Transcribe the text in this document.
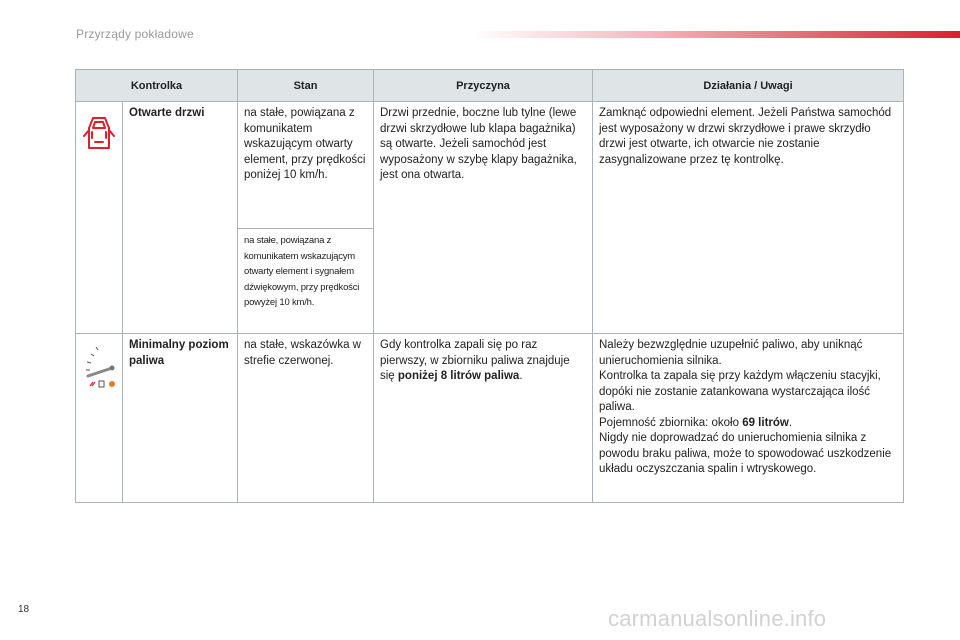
Przyrządy pokładowe
Kontrolka		Stan	Przyczyna	Działania / Uwagi

	Otwarte drzwi	na stałe, powiązana z komunikatem wskazującym otwarty element, przy prędkości poniżej 10 km/h.	Drzwi przednie, boczne lub tylne (lewe drzwi skrzydłowe lub klapa bagażnika) są otwarte. Jeżeli samochód jest wyposażony w szybę klapy bagażnika, jest ona otwarta.	Zamknąć odpowiedni element. Jeżeli Państwa samochód jest wyposażony w drzwi skrzydłowe i prawe skrzydło drzwi jest otwarte, ich otwarcie nie zostanie zasygnalizowane przez tę kontrolkę.
		na stałe, powiązana z komunikatem wskazującym otwarty element i sygnałem dźwiękowym, przy prędkości powyżej 10 km/h.		

	Minimalny poziom paliwa	na stałe, wskazówka w strefie czerwonej.	Gdy kontrolka zapali się po raz pierwszy, w zbiorniku paliwa znajduje się poniżej 8 litrów paliwa.	Należy bezwzględnie uzupełnić paliwo, aby uniknąć unieruchomienia silnika.
Kontrolka ta zapala się przy każdym włączeniu stacyjki, dopóki nie zostanie zatankowana wystarczająca ilość paliwa.
Pojemność zbiornika: około 69 litrów.
Nigdy nie doprowadzać do unieruchomienia silnika z powodu braku paliwa, może to spowodować uszkodzenie układu oczyszczania spalin i wtryskowego.
18	carmanualsonline.info
